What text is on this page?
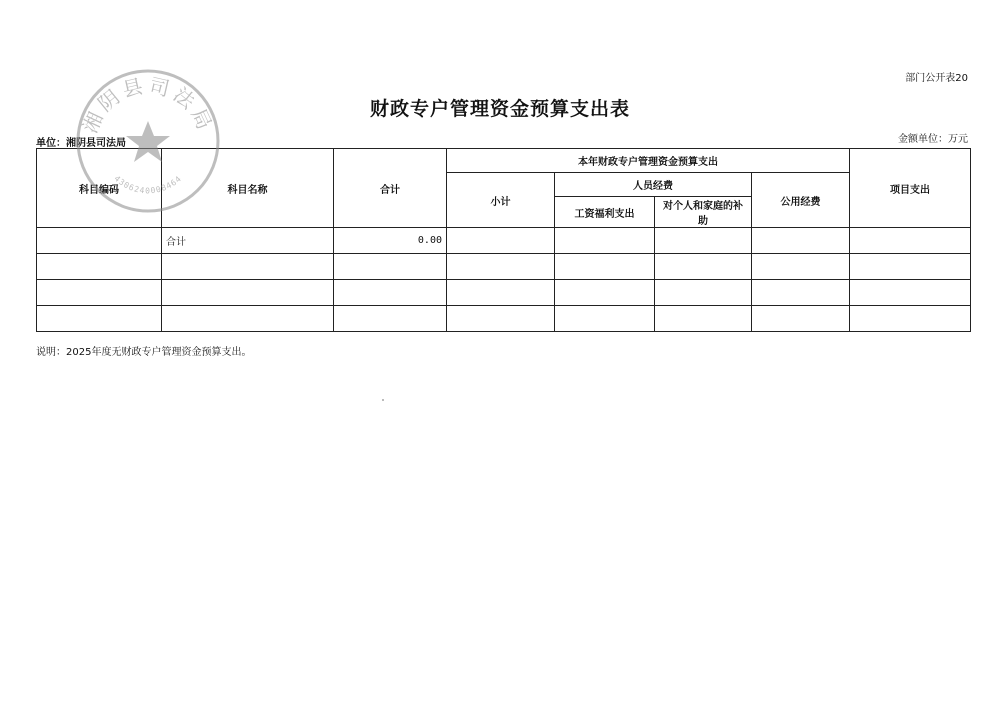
部门公开表20
财政专户管理资金预算支出表
单位：湘阴县司法局	金额单位：万元
科目编码	科目名称	合计	本年财政专户管理资金预算支出				项目支出
			小计	人员经费		公用经费	
				工资福利支出	对个人和家庭的补助		
	合计	0.00					

说明：2025年度无财政专户管理资金预算支出。
湘阴县司法局
4306240008464
